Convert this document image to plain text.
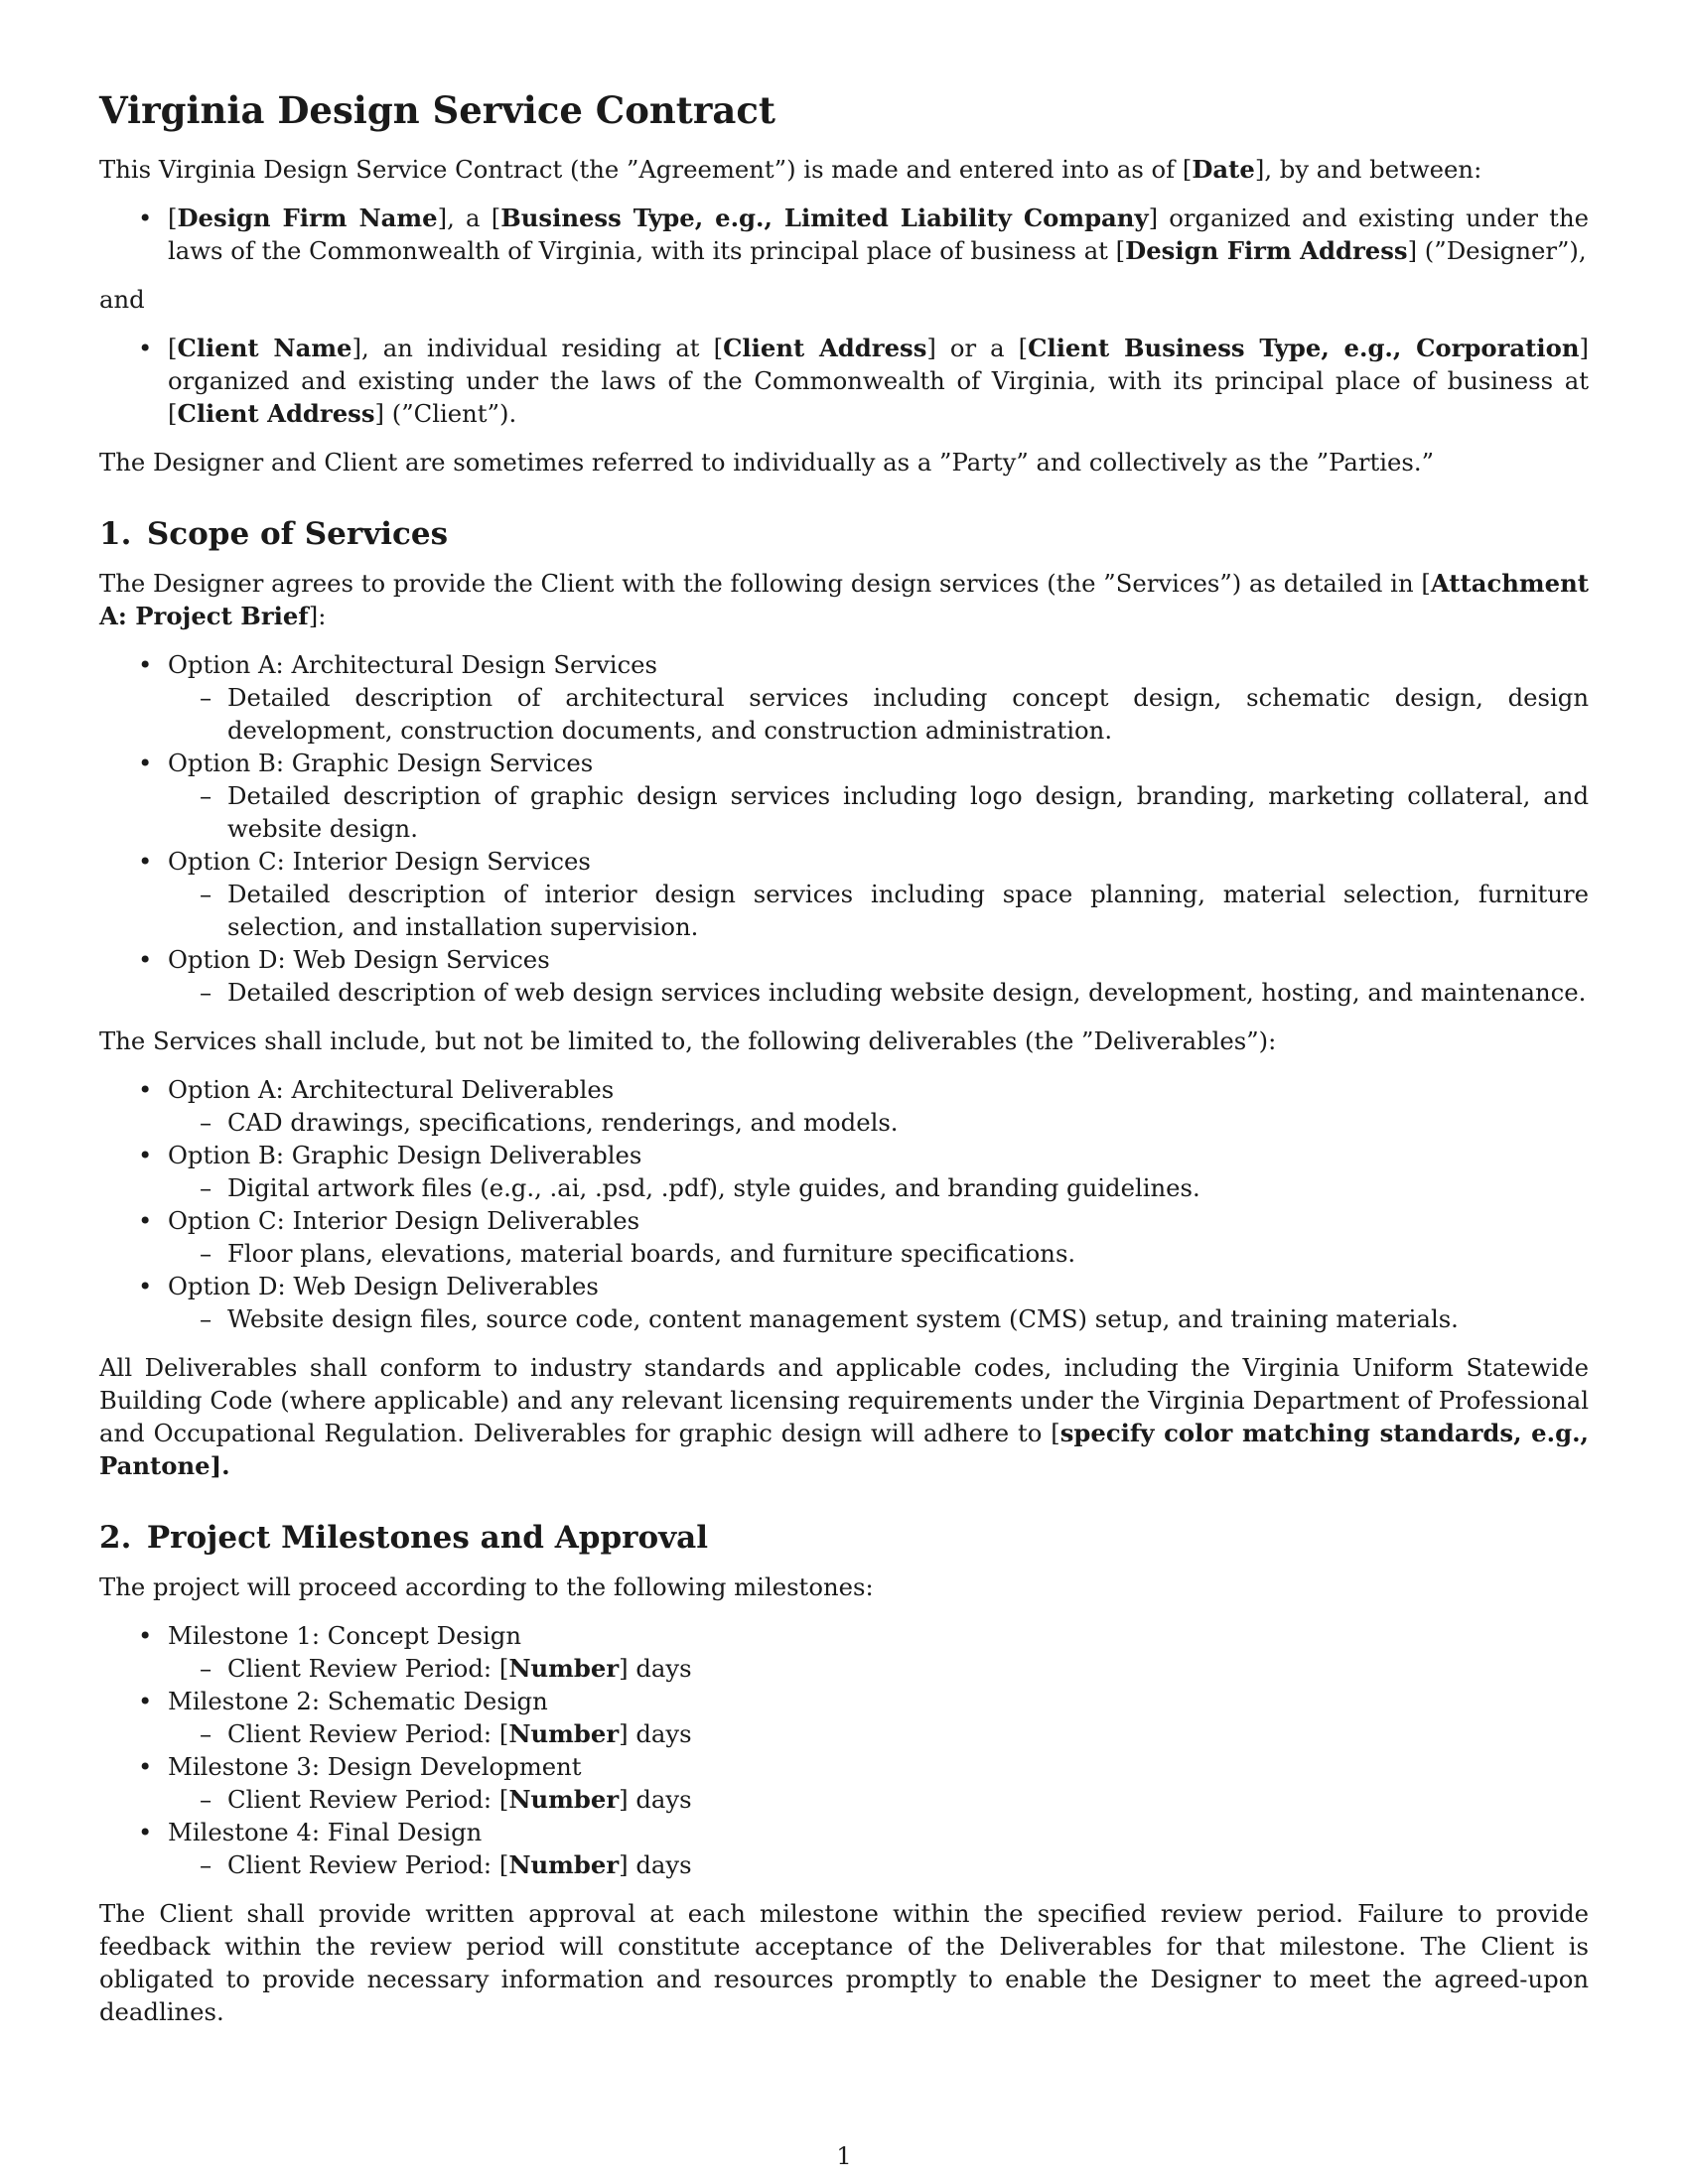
Virginia Design Service Contract

This Virginia Design Service Contract (the ”Agreement”) is made and entered into as of [Date], by and between:

• [Design Firm Name], a [Business Type, e.g., Limited Liability Company] organized and existing under the laws of the Commonwealth of Virginia, with its principal place of business at [Design Firm Address] (”Designer”),

and

• [Client Name], an individual residing at [Client Address] or a [Client Business Type, e.g., Corporation] organized and existing under the laws of the Commonwealth of Virginia, with its principal place of business at [Client Address] (”Client”).

The Designer and Client are sometimes referred to individually as a ”Party” and collectively as the ”Parties.”

1. Scope of Services

The Designer agrees to provide the Client with the following design services (the ”Services”) as detailed in [Attachment A: Project Brief]:

• Option A: Architectural Design Services
– Detailed description of architectural services including concept design, schematic design, design development, construction documents, and construction administration.
• Option B: Graphic Design Services
– Detailed description of graphic design services including logo design, branding, marketing collateral, and website design.
• Option C: Interior Design Services
– Detailed description of interior design services including space planning, material selection, furniture selection, and installation supervision.
• Option D: Web Design Services
– Detailed description of web design services including website design, development, hosting, and maintenance.

The Services shall include, but not be limited to, the following deliverables (the ”Deliverables”):

• Option A: Architectural Deliverables
– CAD drawings, specifications, renderings, and models.
• Option B: Graphic Design Deliverables
– Digital artwork files (e.g., .ai, .psd, .pdf), style guides, and branding guidelines.
• Option C: Interior Design Deliverables
– Floor plans, elevations, material boards, and furniture specifications.
• Option D: Web Design Deliverables
– Website design files, source code, content management system (CMS) setup, and training materials.

All Deliverables shall conform to industry standards and applicable codes, including the Virginia Uniform Statewide Building Code (where applicable) and any relevant licensing requirements under the Virginia Department of Professional and Occupational Regulation. Deliverables for graphic design will adhere to [specify color matching standards, e.g., Pantone].

2. Project Milestones and Approval

The project will proceed according to the following milestones:

• Milestone 1: Concept Design
– Client Review Period: [Number] days
• Milestone 2: Schematic Design
– Client Review Period: [Number] days
• Milestone 3: Design Development
– Client Review Period: [Number] days
• Milestone 4: Final Design
– Client Review Period: [Number] days

The Client shall provide written approval at each milestone within the specified review period. Failure to provide feedback within the review period will constitute acceptance of the Deliverables for that milestone. The Client is obligated to provide necessary information and resources promptly to enable the Designer to meet the agreed-upon deadlines.

1
